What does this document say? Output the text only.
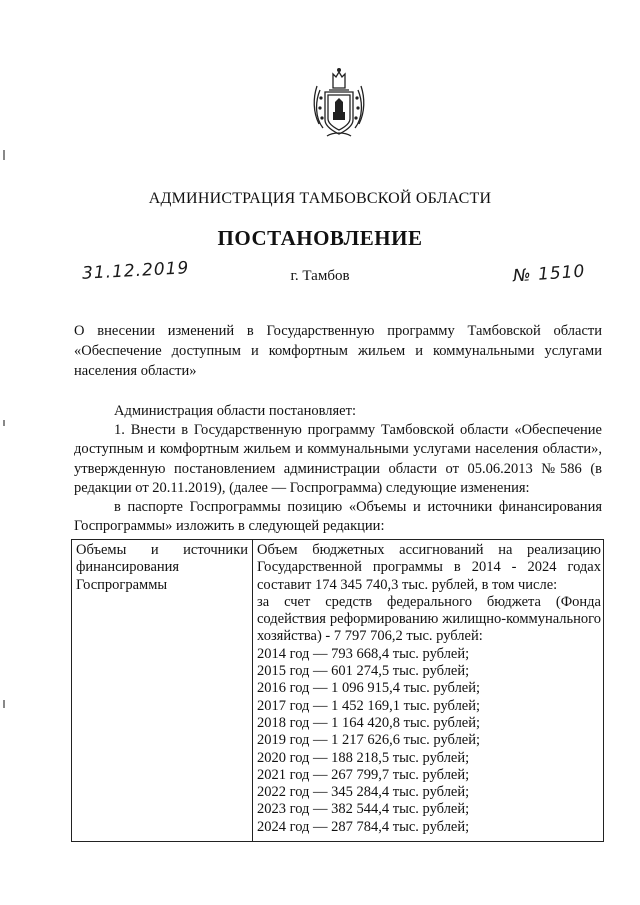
АДМИНИСТРАЦИЯ ТАМБОВСКОЙ ОБЛАСТИ
ПОСТАНОВЛЕНИЕ
31.12.2019	г. Тамбов	№ 1510
О внесении изменений в Государственную программу Тамбовской области «Обеспечение доступным и комфортным жильем и коммунальными услугами населения области»

Администрация области постановляет:

1. Внести в Государственную программу Тамбовской области «Обеспечение доступным и комфортным жильем и коммунальными услугами населения области», утвержденную постановлением администрации области от 05.06.2013 №586 (в редакции от 20.11.2019), (далее — Госпрограмма) следующие изменения:

в паспорте Госпрограммы позицию «Объемы и источники финансирования Госпрограммы» изложить в следующей редакции:

Объемы и источники финансирования Госпрограммы
Объем бюджетных ассигнований на реализацию Государственной программы в 2014 - 2024 годах составит 174 345 740,3 тыс. рублей, в том числе:
за счет средств федерального бюджета (Фонда содействия реформированию жилищно-коммунального хозяйства) - 7 797 706,2 тыс. рублей:
2014 год — 793 668,4 тыс. рублей;
2015 год — 601 274,5 тыс. рублей;
2016 год — 1 096 915,4 тыс. рублей;
2017 год — 1 452 169,1 тыс. рублей;
2018 год — 1 164 420,8 тыс. рублей;
2019 год — 1 217 626,6 тыс. рублей;
2020 год — 188 218,5 тыс. рублей;
2021 год — 267 799,7 тыс. рублей;
2022 год — 345 284,4 тыс. рублей;
2023 год — 382 544,4 тыс. рублей;
2024 год — 287 784,4 тыс. рублей;
